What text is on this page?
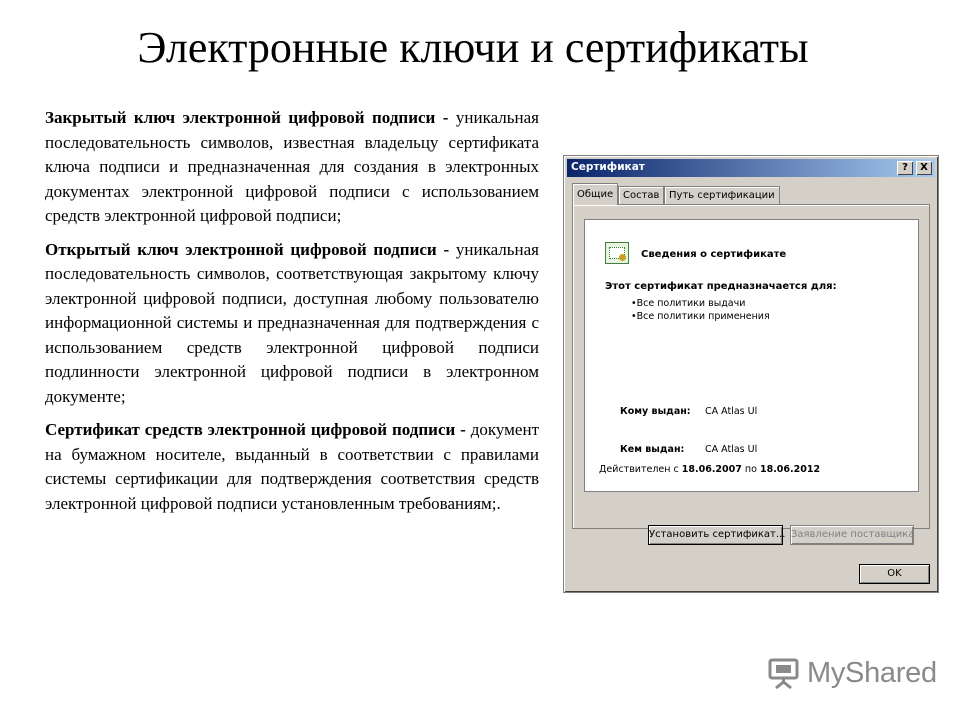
Электронные ключи и сертификаты

Закрытый ключ электронной цифровой подписи - уникальная последовательность символов, известная владельцу сертификата ключа подписи и предназначенная для создания в электронных документах электронной цифровой подписи с использованием средств электронной цифровой подписи;

Открытый ключ электронной цифровой подписи - уникальная последовательность символов, соответствующая закрытому ключу электронной цифровой подписи, доступная любому пользователю информационной системы и предназначенная для подтверждения с использованием средств электронной цифровой подписи подлинности электронной цифровой подписи в электронном документе;

Сертификат средств электронной цифровой подписи - документ на бумажном носителе, выданный в соответствии с правилами системы сертификации для подтверждения соответствия средств электронной цифровой подписи установленным требованиям;.

Сертификат	?	X
Общие Состав Путь сертификации
Сведения о сертификате
Этот сертификат предназначается для:
•Все политики выдачи
•Все политики применения
Кому выдан: CA Atlas Ul
Кем выдан: CA Atlas Ul
Действителен с 18.06.2007 по 18.06.2012
Установить сертификат... Заявление поставщика
OK
MyShared
